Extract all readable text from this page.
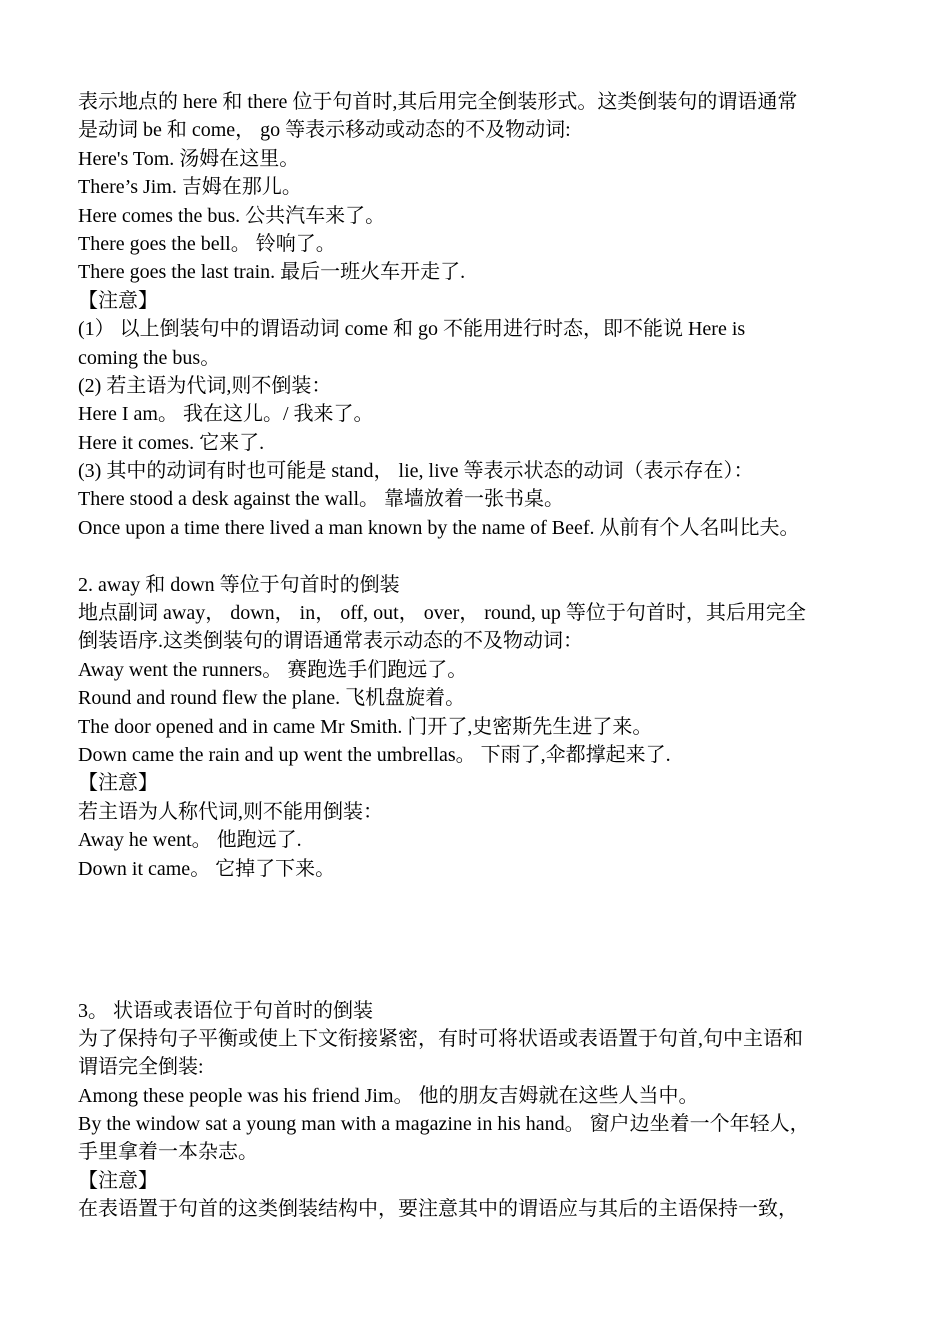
表示地点的 here 和 there 位于句首时,其后用完全倒装形式。这类倒装句的谓语通常
是动词 be 和 come， go 等表示移动或动态的不及物动词:
Here's Tom. 汤姆在这里。
There’s Jim. 吉姆在那儿。
Here comes the bus. 公共汽车来了。
There goes the bell。 铃响了。
There goes the last train. 最后一班火车开走了.
【注意】
(1） 以上倒装句中的谓语动词 come 和 go 不能用进行时态，即不能说 Here is
coming the bus。
(2) 若主语为代词,则不倒装：
Here I am。 我在这儿。/ 我来了。
Here it comes. 它来了.
(3) 其中的动词有时也可能是 stand， lie, live 等表示状态的动词（表示存在）：
There stood a desk against the wall。 靠墙放着一张书桌。
Once upon a time there lived a man known by the name of Beef. 从前有个人名叫比夫。
2. away 和 down 等位于句首时的倒装
地点副词 away， down， in， off, out， over， round, up 等位于句首时，其后用完全
倒装语序.这类倒装句的谓语通常表示动态的不及物动词：
Away went the runners。 赛跑选手们跑远了。
Round and round flew the plane. 飞机盘旋着。
The door opened and in came Mr Smith. 门开了,史密斯先生进了来。
Down came the rain and up went the umbrellas。 下雨了,伞都撑起来了.
【注意】
若主语为人称代词,则不能用倒装：
Away he went。 他跑远了.
Down it came。 它掉了下来。
3。 状语或表语位于句首时的倒装
为了保持句子平衡或使上下文衔接紧密，有时可将状语或表语置于句首,句中主语和
谓语完全倒装:
Among these people was his friend Jim。 他的朋友吉姆就在这些人当中。
By the window sat a young man with a magazine in his hand。 窗户边坐着一个年轻人，
手里拿着一本杂志。
【注意】
在表语置于句首的这类倒装结构中，要注意其中的谓语应与其后的主语保持一致，
